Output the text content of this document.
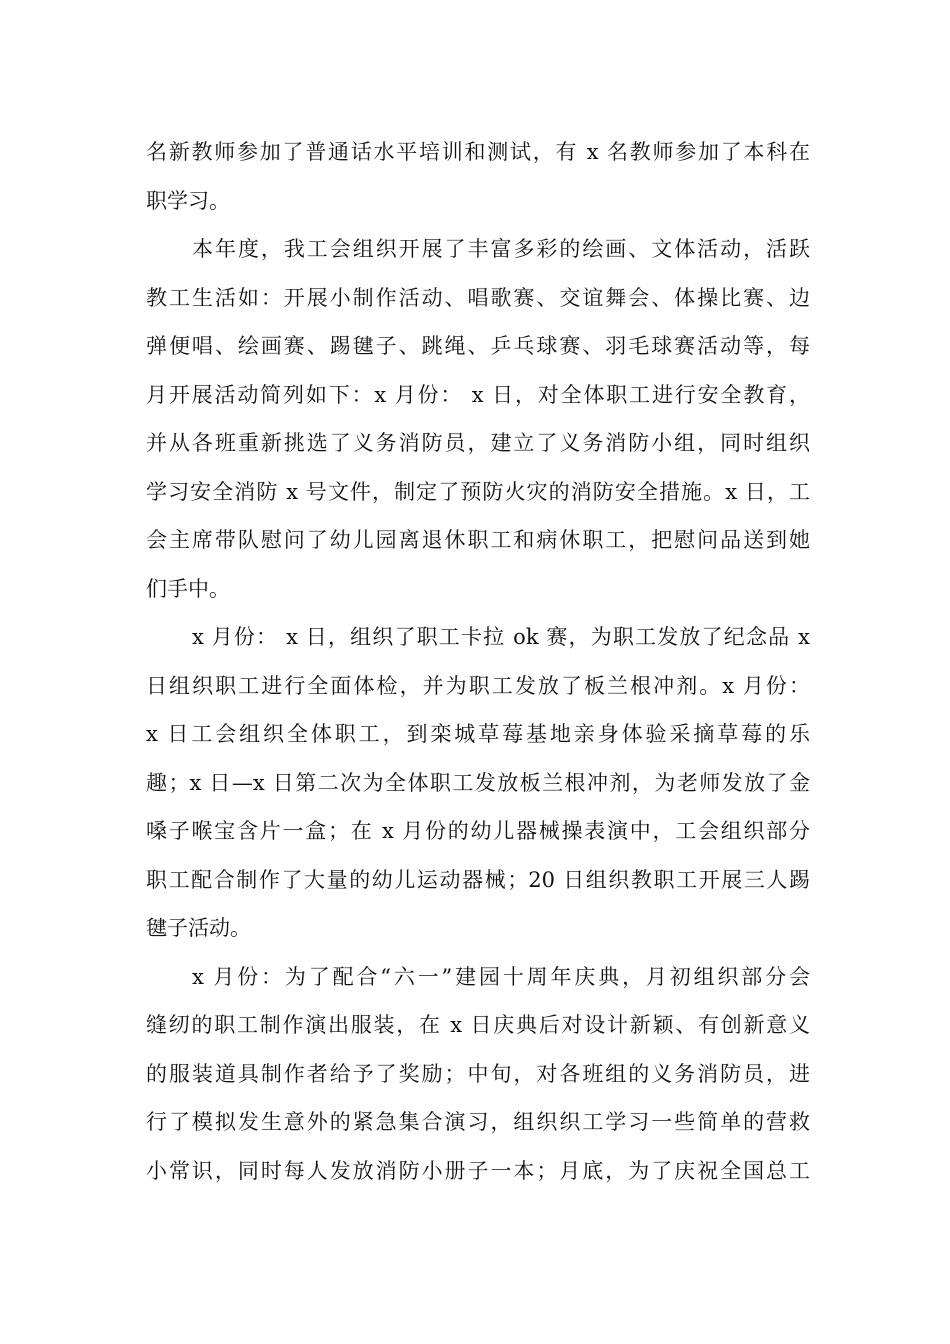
名新教师参加了普通话水平培训和测试，有 x 名教师参加了本科在
职学习。
本年度，我工会组织开展了丰富多彩的绘画、文体活动，活跃
教工生活如：开展小制作活动、唱歌赛、交谊舞会、体操比赛、边
弹便唱、绘画赛、踢毽子、跳绳、乒乓球赛、羽毛球赛活动等，每
月开展活动简列如下：x 月份： x 日，对全体职工进行安全教育，
并从各班重新挑选了义务消防员，建立了义务消防小组，同时组织
学习安全消防 x 号文件，制定了预防火灾的消防安全措施。x 日，工
会主席带队慰问了幼儿园离退休职工和病休职工，把慰问品送到她
们手中。
x 月份： x 日，组织了职工卡拉 ok 赛，为职工发放了纪念品 x
日组织职工进行全面体检，并为职工发放了板兰根冲剂。x 月份：
x 日工会组织全体职工，到栾城草莓基地亲身体验采摘草莓的乐
趣；x 日—x 日第二次为全体职工发放板兰根冲剂，为老师发放了金
嗓子喉宝含片一盒；在 x 月份的幼儿器械操表演中，工会组织部分
职工配合制作了大量的幼儿运动器械；20 日组织教职工开展三人踢
毽子活动。
x 月份：为了配合“六一”建园十周年庆典，月初组织部分会
缝纫的职工制作演出服装，在 x 日庆典后对设计新颖、有创新意义
的服装道具制作者给予了奖励；中旬，对各班组的义务消防员，进
行了模拟发生意外的紧急集合演习，组织织工学习一些简单的营救
小常识，同时每人发放消防小册子一本；月底，为了庆祝全国总工
